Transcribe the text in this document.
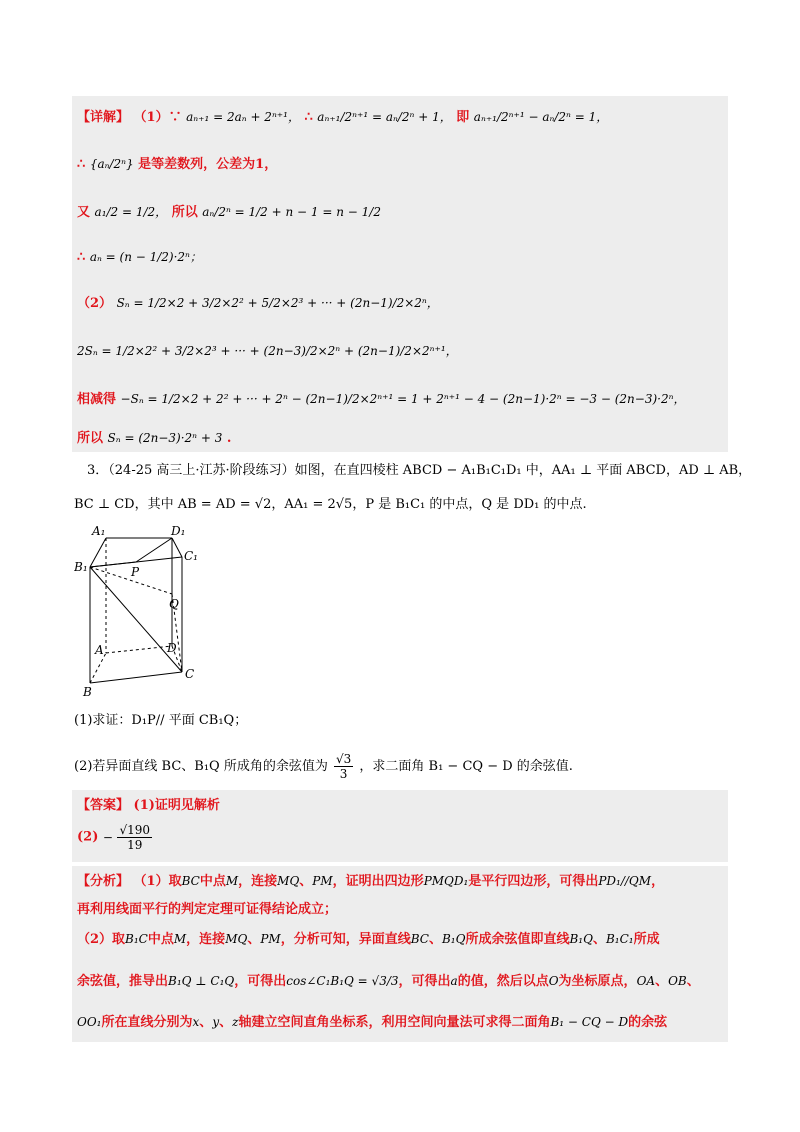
【详解】 （1）∵ aₙ₊₁ = 2aₙ + 2ⁿ⁺¹， ∴ aₙ₊₁/2ⁿ⁺¹ = aₙ/2ⁿ + 1， 即 aₙ₊₁/2ⁿ⁺¹ − aₙ/2ⁿ = 1，
∴ {aₙ/2ⁿ} 是等差数列，公差为1，
又 a₁/2 = 1/2， 所以 aₙ/2ⁿ = 1/2 + n − 1 = n − 1/2
∴ aₙ = (n − 1/2)·2ⁿ；
（2） Sₙ = 1/2×2 + 3/2×2² + 5/2×2³ + ··· + (2n−1)/2×2ⁿ，
2Sₙ = 1/2×2² + 3/2×2³ + ··· + (2n−3)/2×2ⁿ + (2n−1)/2×2ⁿ⁺¹，
相减得 −Sₙ = 1/2×2 + 2² + ··· + 2ⁿ − (2n−1)/2×2ⁿ⁺¹ = 1 + 2ⁿ⁺¹ − 4 − (2n−1)·2ⁿ = −3 − (2n−3)·2ⁿ，
所以 Sₙ = (2n−3)·2ⁿ + 3 .
3．（24-25 高三上·江苏·阶段练习）如图，在直四棱柱 ABCD − A₁B₁C₁D₁ 中，AA₁ ⊥ 平面 ABCD，AD ⊥ AB，
BC ⊥ CD，其中 AB = AD = √2，AA₁ = 2√5，P 是 B₁C₁ 的中点，Q 是 DD₁ 的中点.
A₁	D₁
C₁
B₁	P
Q
A	D
C
B
(1)求证：D₁P// 平面 CB₁Q；
(2)若异面直线 BC、B₁Q 所成角的余弦值为 $\frac{√3}{3}$ ，求二面角 B₁ − CQ − D 的余弦值.
【答案】 (1)证明见解析
$(2) - \frac{√190}{19}$
【分析】 （1）取BC中点M，连接MQ、PM，证明出四边形PMQD₁是平行四边形，可得出PD₁//QM，
再利用线面平行的判定定理可证得结论成立；
（2）取B₁C中点M，连接MQ、PM，分析可知，异面直线BC、B₁Q所成余弦值即直线B₁Q、B₁C₁所成
余弦值，推导出B₁Q ⊥ C₁Q，可得出cos∠C₁B₁Q = √3/3，可得出a的值，然后以点O为坐标原点，OA、OB、
OO₁所在直线分别为x、y、z轴建立空间直角坐标系，利用空间向量法可求得二面角B₁ − CQ − D的余弦
